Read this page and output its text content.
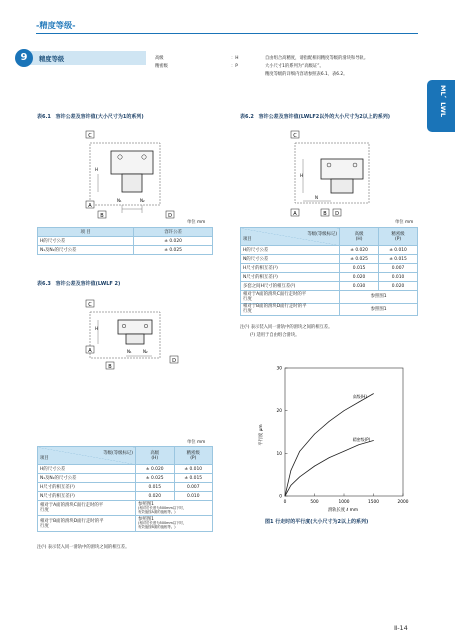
-精度等级-
ML、LWL
9	精度等级	高级	：H	自由组合高精度，请指配相同精度等级的滑块和导轨。
精密级	：P	大小尺寸1的系列为“高级证”。
精度等级的详细内容请参照表6.1、表6.2。
表6.1 容许公差及容许值(大小尺寸为1的系列)
C
A
B	D
H
N₁	N₂
单位 mm
项 目	容许公差
H的尺寸公差	± 0.020
N₁及N₂的尺寸公差	± 0.025
表6.3 容许公差及容许值(LWLF 2)
C
A
B
D
H
N₁	N₂
单位 mm
等级(等级标记)
项目	高级
(H)	精密级
(P)

H的尺寸公差	± 0.020	± 0.010
N₁及N₂的尺寸公差	± 0.025	± 0.015
H尺寸的相互差(¹)	0.015	0.007
N尺寸的相互差(¹)	0.020	0.010

相对于A面的滑块C面行走时的平
行度	参照图1
(相对於长度为500mm以下时，
有效值按A面的值相等。)	

相对于B面的滑块D面行走时的平
行度	参照图1
(相对於长度为500mm以下时，
有效值按B面的值相等。)	
注(¹) 表示装入同一滑轨中的滑块之间的相互差。
表6.2 容许公差及容许值(LWLF2以外的大小尺寸为2以上的系列)
C
A	B D
H
N
单位 mm
等级(等级标记)
项目	高级
(H)	精密级
(P)

H的尺寸公差	± 0.020	± 0.010
N的尺寸公差	± 0.025	± 0.015
H尺寸的相互差(¹)	0.015	0.007
N尺寸的相互差(¹)	0.020	0.010
多套之间H尺寸的相互差(²)	0.030	0.020

相对于A面的滑块C面行走时的平
行度	参照图1	

相对于B面的滑块D面行走时的平
行度	参照图1	
注(¹) 表示装入同一滑轨中的滑块之间的相互差。
(²) 适用于自由组合滑块。
0	500	1000	1500	2000
0
10
20
30
高级(H)
精密级(P)
平行度 μm
滑轨长度 ℓ mm
图1 行走时的平行度(大小尺寸为2以上的系列)
Ⅱ-14
